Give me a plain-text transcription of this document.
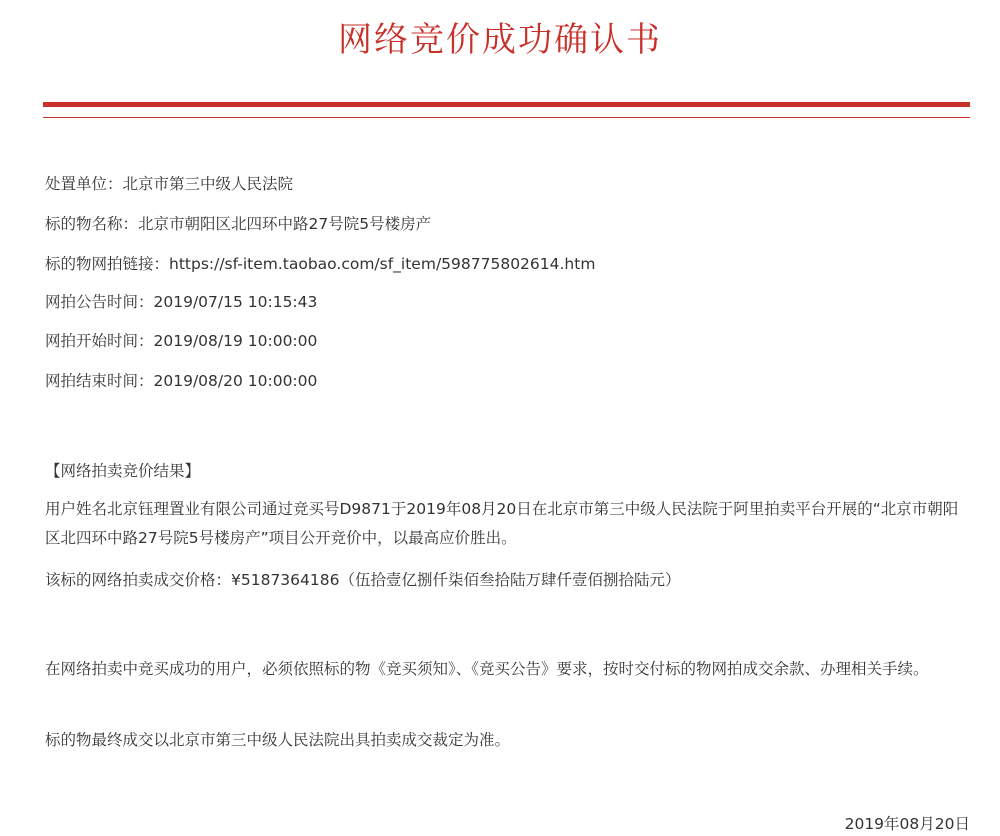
网络竞价成功确认书
处置单位：北京市第三中级人民法院
标的物名称：北京市朝阳区北四环中路27号院5号楼房产
标的物网拍链接：https://sf-item.taobao.com/sf_item/598775802614.htm
网拍公告时间：2019/07/15 10:15:43
网拍开始时间：2019/08/19 10:00:00
网拍结束时间：2019/08/20 10:00:00
【网络拍卖竞价结果】
用户姓名北京钰理置业有限公司通过竞买号D9871于2019年08月20日在北京市第三中级人民法院于阿里拍卖平台开展的“北京市朝阳区北四环中路27号院5号楼房产”项目公开竞价中，以最高应价胜出。
该标的网络拍卖成交价格：¥5187364186（伍拾壹亿捌仟柒佰叁拾陆万肆仟壹佰捌拾陆元）
在网络拍卖中竞买成功的用户，必须依照标的物《竞买须知》、《竞买公告》要求，按时交付标的物网拍成交余款、办理相关手续。
标的物最终成交以北京市第三中级人民法院出具拍卖成交裁定为准。
2019年08月20日
